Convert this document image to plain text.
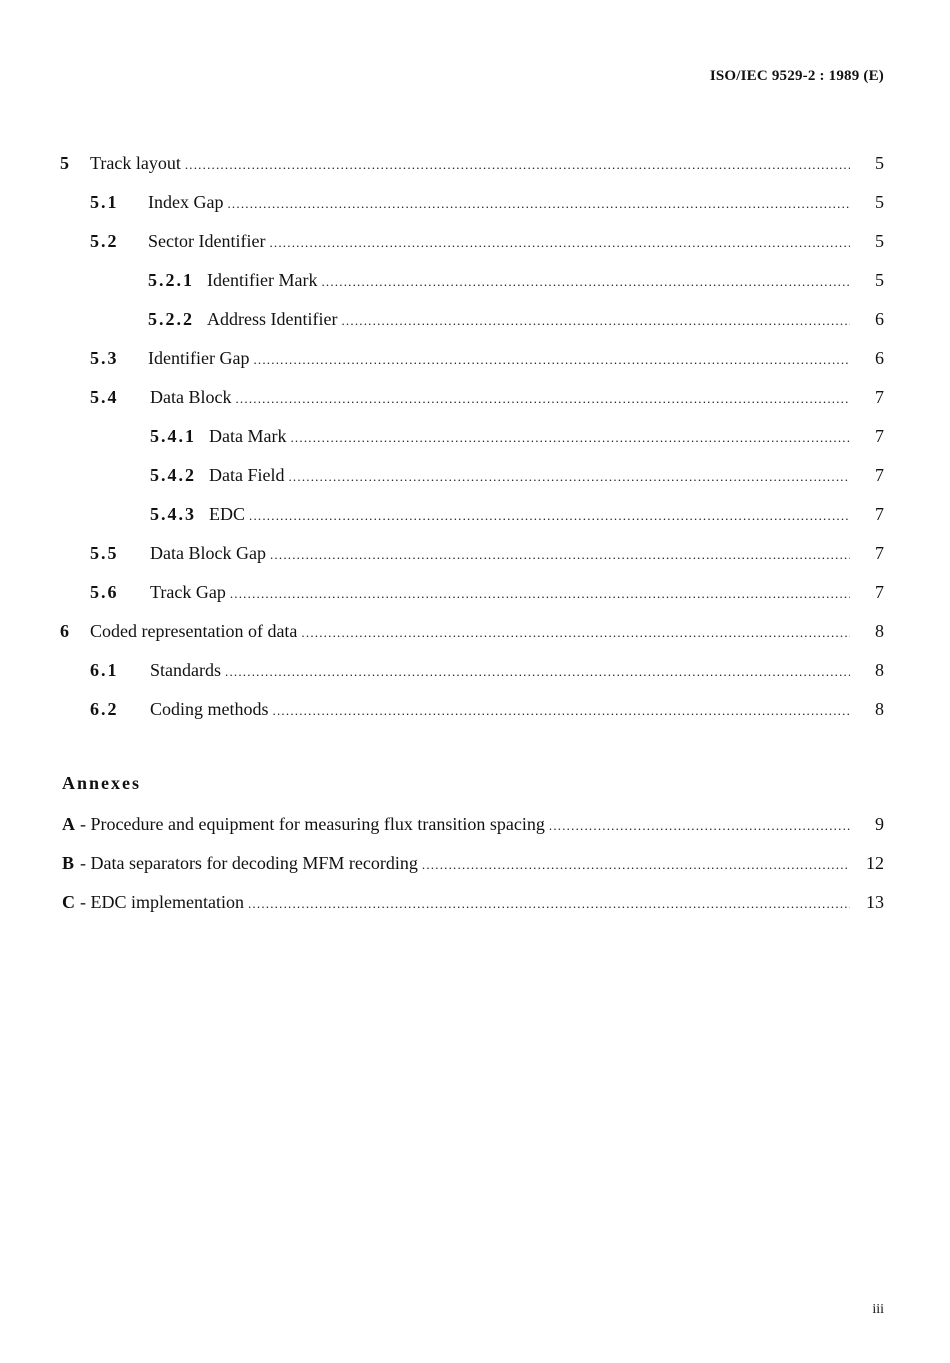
ISO/IEC 9529-2 : 1989 (E)
5 Track layout .....	5
5.1 Index Gap .....	5
5.2 Sector Identifier .....	5
5.2.1 Identifier Mark .....	5
5.2.2 Address Identifier .....	6
5.3 Identifier Gap .....	6
5.4 Data Block .....	7
5.4.1 Data Mark .....	7
5.4.2 Data Field .....	7
5.4.3 EDC .....	7
5.5 Data Block Gap .....	7
5.6 Track Gap .....	7
6 Coded representation of data .....	8
6.1 Standards .....	8
6.2 Coding methods .....	8
Annexes
A - Procedure and equipment for measuring flux transition spacing .....	9
B - Data separators for decoding MFM recording .....	12
C - EDC implementation .....	13
iii
